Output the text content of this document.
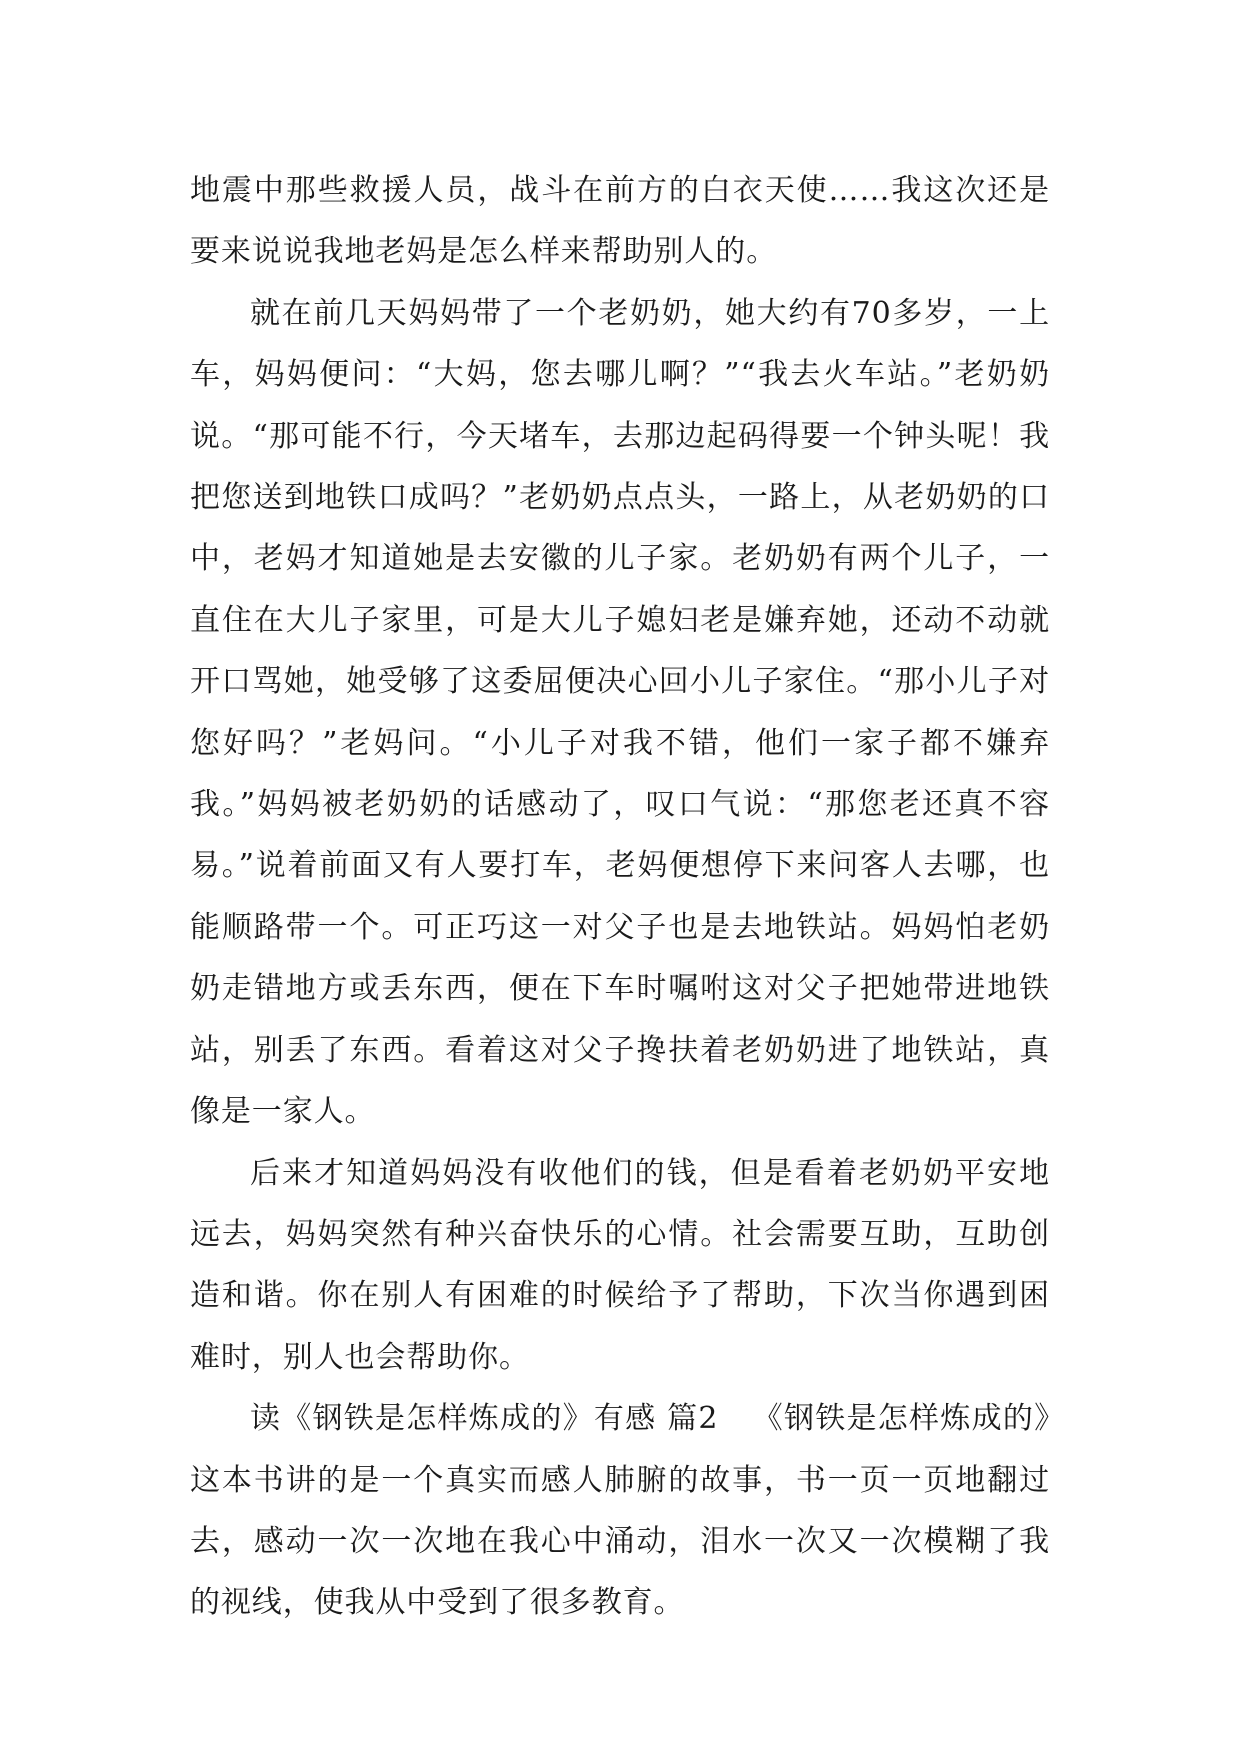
地震中那些救援人员，战斗在前方的白衣天使……我这次还是要来说说我地老妈是怎么样来帮助别人的。

就在前几天妈妈带了一个老奶奶，她大约有70多岁，一上车，妈妈便问：“大妈，您去哪儿啊？”“我去火车站。”老奶奶说。“那可能不行，今天堵车，去那边起码得要一个钟头呢！我把您送到地铁口成吗？”老奶奶点点头，一路上，从老奶奶的口中，老妈才知道她是去安徽的儿子家。老奶奶有两个儿子，一直住在大儿子家里，可是大儿子媳妇老是嫌弃她，还动不动就开口骂她，她受够了这委屈便决心回小儿子家住。“那小儿子对您好吗？”老妈问。“小儿子对我不错，他们一家子都不嫌弃我。”妈妈被老奶奶的话感动了，叹口气说：“那您老还真不容易。”说着前面又有人要打车，老妈便想停下来问客人去哪，也能顺路带一个。可正巧这一对父子也是去地铁站。妈妈怕老奶奶走错地方或丢东西，便在下车时嘱咐这对父子把她带进地铁站，别丢了东西。看着这对父子搀扶着老奶奶进了地铁站，真像是一家人。

后来才知道妈妈没有收他们的钱，但是看着老奶奶平安地远去，妈妈突然有种兴奋快乐的心情。社会需要互助，互助创造和谐。你在别人有困难的时候给予了帮助，下次当你遇到困难时，别人也会帮助你。

读《钢铁是怎样炼成的》有感 篇2 《钢铁是怎样炼成的》这本书讲的是一个真实而感人肺腑的故事，书一页一页地翻过去，感动一次一次地在我心中涌动，泪水一次又一次模糊了我的视线，使我从中受到了很多教育。
